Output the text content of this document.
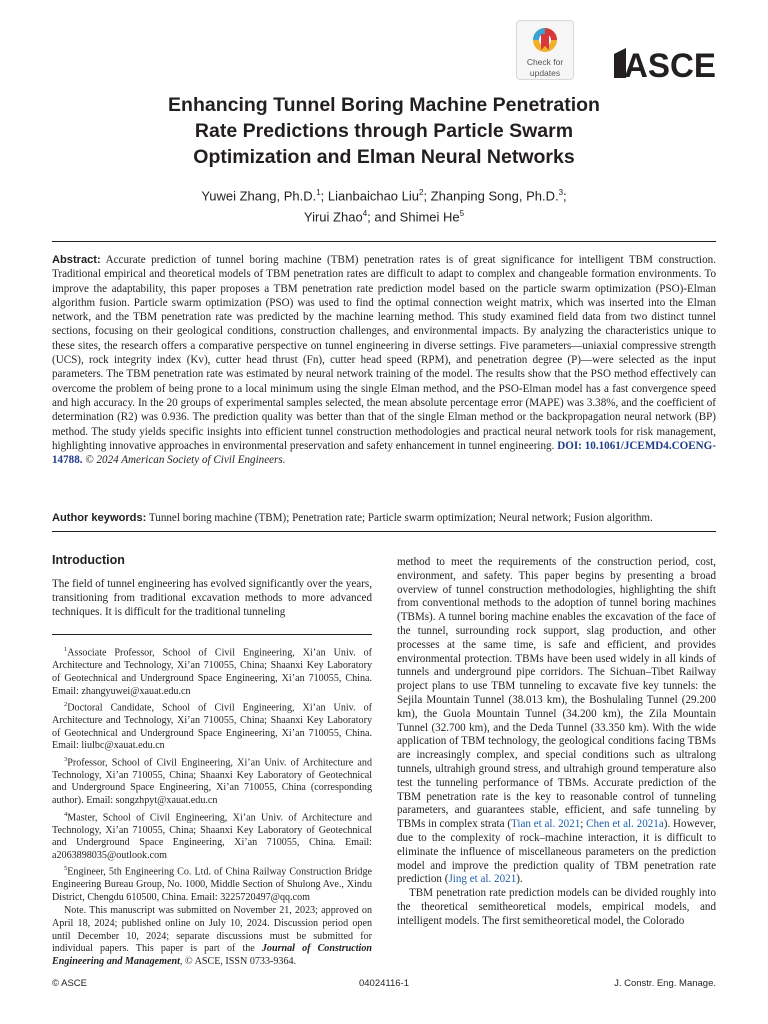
Check for
updates	ASCE
Enhancing Tunnel Boring Machine Penetration
Rate Predictions through Particle Swarm
Optimization and Elman Neural Networks
Yuwei Zhang, Ph.D.$^1$; Lianbaichao Liu$^2$; Zhanping Song, Ph.D.$^3$;
Yirui Zhao$^4$; and Shimei He$^5$
Abstract: Accurate prediction of tunnel boring machine (TBM) penetration rates is of great significance for intelligent TBM construction. Traditional empirical and theoretical models of TBM penetration rates are difficult to adapt to complex and changeable formation environments. To improve the adaptability, this paper proposes a TBM penetration rate prediction model based on the particle swarm optimization (PSO)-Elman algorithm fusion. Particle swarm optimization (PSO) was used to find the optimal connection weight matrix, which was inserted into the Elman network, and the TBM penetration rate was predicted by the machine learning method. This study examined field data from two distinct tunnel sections, focusing on their geological conditions, construction challenges, and environmental impacts. By analyzing the characteristics unique to these sites, the research offers a comparative perspective on tunnel engineering in diverse settings. Five parameters—uniaxial compressive strength (UCS), rock integrity index (Kv), cutter head thrust (Fn), cutter head speed (RPM), and penetration degree (P)—were selected as the input parameters. The TBM penetration rate was estimated by neural network training of the model. The results show that the PSO method effectively can overcome the problem of being prone to a local minimum using the single Elman method, and the PSO-Elman model has a fast convergence speed and high accuracy. In the 20 groups of experimental samples selected, the mean absolute percentage error (MAPE) was 3.38%, and the coefficient of determination (R2) was 0.936. The prediction quality was better than that of the single Elman method or the backpropagation neural network (BP) method. The study yields specific insights into efficient tunnel construction methodologies and practical neural network tools for risk management, highlighting innovative approaches in environmental preservation and safety enhancement in tunnel engineering. DOI: 10.1061/JCEMD4.COENG-14788. © 2024 American Society of Civil Engineers.
Author keywords: Tunnel boring machine (TBM); Penetration rate; Particle swarm optimization; Neural network; Fusion algorithm.
Introduction

The field of tunnel engineering has evolved significantly over the years, transitioning from traditional excavation methods to more advanced techniques. It is difficult for the traditional tunneling

$^1$Associate Professor, School of Civil Engineering, Xi’an Univ. of Architecture and Technology, Xi’an 710055, China; Shaanxi Key Laboratory of Geotechnical and Underground Space Engineering, Xi’an 710055, China. Email: zhangyuwei@xauat.edu.cn

$^2$Doctoral Candidate, School of Civil Engineering, Xi’an Univ. of Architecture and Technology, Xi’an 710055, China; Shaanxi Key Laboratory of Geotechnical and Underground Space Engineering, Xi’an 710055, China. Email: liulbc@xauat.edu.cn

$^3$Professor, School of Civil Engineering, Xi’an Univ. of Architecture and Technology, Xi’an 710055, China; Shaanxi Key Laboratory of Geotechnical and Underground Space Engineering, Xi’an 710055, China (corresponding author). Email: songzhpyt@xauat.edu.cn

$^4$Master, School of Civil Engineering, Xi’an Univ. of Architecture and Technology, Xi’an 710055, China; Shaanxi Key Laboratory of Geotechnical and Underground Space Engineering, Xi’an 710055, China. Email: a2063898035@outlook.com

$^5$Engineer, 5th Engineering Co. Ltd. of China Railway Construction Bridge Engineering Bureau Group, No. 1000, Middle Section of Shulong Ave., Xindu District, Chengdu 610500, China. Email: 3225720497@qq.com

Note. This manuscript was submitted on November 21, 2023; approved on April 18, 2024; published online on July 10, 2024. Discussion period open until December 10, 2024; separate discussions must be submitted for individual papers. This paper is part of the Journal of Construction Engineering and Management, © ASCE, ISSN 0733-9364.

method to meet the requirements of the construction period, cost, environment, and safety. This paper begins by presenting a broad overview of tunnel construction methodologies, highlighting the shift from conventional methods to the adoption of tunnel boring machines (TBMs). A tunnel boring machine enables the excavation of the face of the tunnel, surrounding rock support, slag production, and other processes at the same time, is safe and efficient, and provides environmental protection. TBMs have been used widely in all kinds of tunnels and underground pipe corridors. The Sichuan–Tibet Railway project plans to use TBM tunneling to excavate five key tunnels: the Sejila Mountain Tunnel (38.013 km), the Boshulaling Tunnel (29.200 km), the Guola Mountain Tunnel (34.200 km), the Zila Mountain Tunnel (32.700 km), and the Deda Tunnel (33.350 km). With the wide application of TBM technology, the geological conditions facing TBMs are increasingly complex, and special conditions such as ultralong tunnels, ultrahigh ground stress, and ultrahigh ground temperature also test the tunneling performance of TBMs. Accurate prediction of the TBM penetration rate is the key to reasonable control of tunneling parameters, and guarantees stable, efficient, and safe tunneling by TBMs in complex strata (Tian et al. 2021; Chen et al. 2021a). However, due to the complexity of rock–machine interaction, it is difficult to eliminate the influence of miscellaneous parameters on the prediction model and improve the prediction quality of TBM penetration rate prediction (Jing et al. 2021).

TBM penetration rate prediction models can be divided roughly into the theoretical semitheoretical models, empirical models, and intelligent models. The first semitheoretical model, the Colorado

© ASCE	04024116-1	J. Constr. Eng. Manage.
